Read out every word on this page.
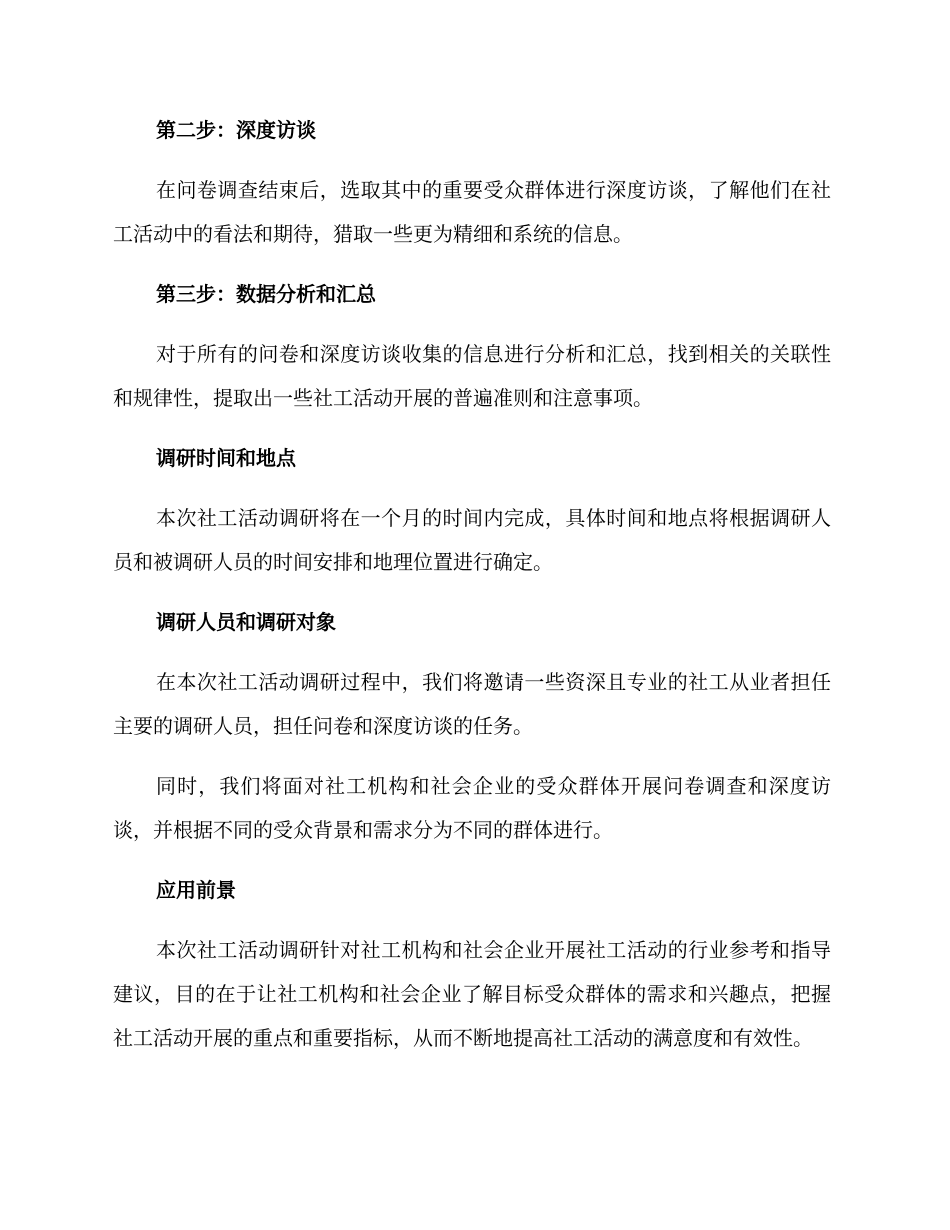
第二步：深度访谈

在问卷调查结束后，选取其中的重要受众群体进行深度访谈，了解他们在社工活动中的看法和期待，猎取一些更为精细和系统的信息。

第三步：数据分析和汇总

对于所有的问卷和深度访谈收集的信息进行分析和汇总，找到相关的关联性和规律性，提取出一些社工活动开展的普遍准则和注意事项。

调研时间和地点

本次社工活动调研将在一个月的时间内完成，具体时间和地点将根据调研人员和被调研人员的时间安排和地理位置进行确定。

调研人员和调研对象

在本次社工活动调研过程中，我们将邀请一些资深且专业的社工从业者担任主要的调研人员，担任问卷和深度访谈的任务。

同时，我们将面对社工机构和社会企业的受众群体开展问卷调查和深度访谈，并根据不同的受众背景和需求分为不同的群体进行。

应用前景

本次社工活动调研针对社工机构和社会企业开展社工活动的行业参考和指导建议，目的在于让社工机构和社会企业了解目标受众群体的需求和兴趣点，把握社工活动开展的重点和重要指标，从而不断地提高社工活动的满意度和有效性。
